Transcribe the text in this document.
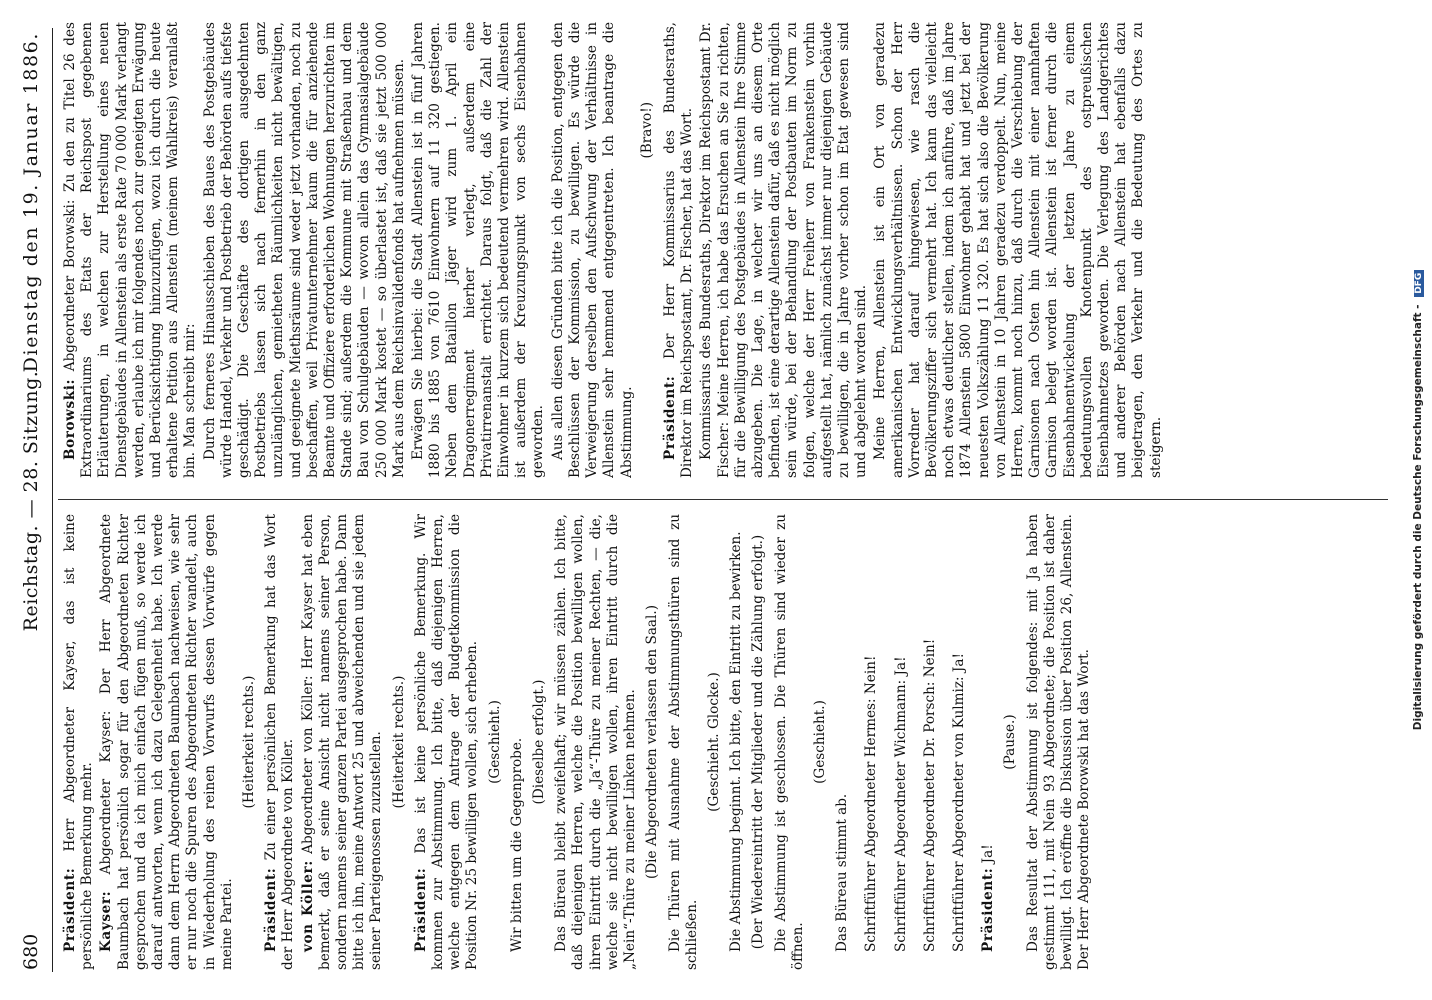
680
Reichstag. — 28. Sitzung.
Dienstag den 19. Januar 1886.

Präsident: Herr Abgeordneter Kayser, das ist keine persönliche Bemerkung mehr. Kayser: Abgeordneter Kayser: Der Herr Abgeordnete Baumbach hat persönlich sogar für den Abgeordneten Richter gesprochen und da ich mich einfach fügen muß, so werde ich darauf antworten, wenn ich dazu Gelegenheit habe. Ich werde dann dem Herrn Abgeordneten Baumbach nachweisen, wie sehr er nur noch die Spuren des Abgeordneten Richter wandelt, auch in Wiederholung des reinen Vorwurfs dessen Vorwürfe gegen meine Partei.

(Heiterkeit rechts.)

Präsident: Zu einer persönlichen Bemerkung hat das Wort der Herr Abgeordnete von Köller. von Köller: Abgeordneter von Köller: Herr Kayser hat eben bemerkt, daß er seine Ansicht nicht namens seiner Person, sondern namens seiner ganzen Partei ausgesprochen habe. Dann bitte ich ihn, meine Antwort 25 und abweichenden und sie jedem seiner Parteigenossen zuzustellen. (Heiterkeit rechts.)

Präsident: Das ist keine persönliche Bemerkung. Wir kommen zur Abstimmung. Ich bitte, daß diejenigen Herren, welche entgegen dem Antrage der Budgetkommission die Position Nr. 25 bewilligen wollen, sich erheben. (Geschieht.) Wir bitten um die Gegenprobe. (Dieselbe erfolgt.) Das Büreau bleibt zweifelhaft; wir müssen zählen. Ich bitte, daß diejenigen Herren, welche die Position bewilligen wollen, ihren Eintritt durch die „Ja“-Thüre zu meiner Rechten, — die, welche sie nicht bewilligen wollen, ihren Eintritt durch die „Nein“-Thüre zu meiner Linken nehmen. (Die Abgeordneten verlassen den Saal.) Die Thüren mit Ausnahme der Abstimmungsthüren sind zu schließen.

(Geschieht. Glocke.) Die Abstimmung beginnt. Ich bitte, den Eintritt zu bewirken. (Der Wiedereintritt der Mitglieder und die Zählung erfolgt.) Die Abstimmung ist geschlossen. Die Thüren sind wieder zu öffnen.

(Geschieht.)

Das Büreau stimmt ab. Schriftführer Abgeordneter Hermes: Nein! Schriftführer Abgeordneter Wichmann: Ja! Schriftführer Abgeordneter Dr. Porsch: Nein! Schriftführer Abgeordneter von Kulmiz: Ja! Präsident: Ja!

(Pause.) Das Resultat der Abstimmung ist folgendes: mit Ja haben gestimmt 111, mit Nein 93 Abgeordnete; die Position ist daher bewilligt. Ich eröffne die Diskussion über Position 26, Allenstein. Der Herr Abgeordnete Borowski hat das Wort.

Borowski: Abgeordneter Borowski: Zu den zu Titel 26 des Extraordinariums des Etats der Reichspost gegebenen Erläuterungen, in welchen zur Herstellung eines neuen Dienstgebäudes in Allenstein als erste Rate 70 000 Mark verlangt werden, erlaube ich mir folgendes noch zur geneigten Erwägung und Berücksichtigung hinzuzufügen, wozu ich durch die heute erhaltene Petition aus Allenstein (meinem Wahlkreis) veranlaßt bin. Man schreibt mir: Durch ferneres Hinausschieben des Baues des Postgebäudes würde Handel, Verkehr und Postbetrieb der Behörden aufs tiefste geschädigt. Die Geschäfte des dortigen ausgedehnten Postbetriebs lassen sich nach fernerhin in den ganz unzulänglichen, gemietheten Räumlichkeiten nicht bewältigen, und geeignete Miethsräume sind weder jetzt vorhanden, noch zu beschaffen, weil Privatunternehmer kaum die für anziehende Beamte und Offiziere erforderlichen Wohnungen herzurichten im Stande sind; außerdem die Kommune mit Straßenbau und dem Bau von Schulgebäuden — wovon allein das Gymnasialgebäude 250 000 Mark kostet — so überlastet ist, daß sie jetzt 500 000 Mark aus dem Reichsinvalidenfonds hat aufnehmen müssen. Erwägen Sie hierbei: die Stadt Allenstein ist in fünf Jahren 1880 bis 1885 von 7610 Einwohnern auf 11 320 gestiegen. Neben dem Bataillon Jäger wird zum 1. April ein Dragonerregiment hierher verlegt, außerdem eine Privatirrenanstalt errichtet. Daraus folgt, daß die Zahl der Einwohner in kurzem sich bedeutend vermehren wird. Allenstein ist außerdem der Kreuzungspunkt von sechs Eisenbahnen geworden. Aus allen diesen Gründen bitte ich die Position, entgegen den Beschlüssen der Kommission, zu bewilligen. Es würde die Verweigerung derselben den Aufschwung der Verhältnisse in Allenstein sehr hemmend entgegentreten. Ich beantrage die Abstimmung.

(Bravo!)

Präsident: Der Herr Kommissarius des Bundesraths, Direktor im Reichspostamt, Dr. Fischer, hat das Wort. Kommissarius des Bundesraths, Direktor im Reichspostamt Dr. Fischer: Meine Herren, ich habe das Ersuchen an Sie zu richten, für die Bewilligung des Postgebäudes in Allenstein Ihre Stimme abzugeben. Die Lage, in welcher wir uns an diesem Orte befinden, ist eine derartige Allenstein dafür, daß es nicht möglich sein würde, bei der Behandlung der Postbauten im Norm zu folgen, welche der Herr Freiherr von Frankenstein vorhin aufgestellt hat, nämlich zunächst immer nur diejenigen Gebäude zu bewilligen, die in Jahre vorher schon im Etat gewesen sind und abgelehnt worden sind. Meine Herren, Allenstein ist ein Ort von geradezu amerikanischen Entwicklungsverhältnissen. Schon der Herr Vorredner hat darauf hingewiesen, wie rasch die Bevölkerungsziffer sich vermehrt hat. Ich kann das vielleicht noch etwas deutlicher stellen, indem ich anführe, daß im Jahre 1874 Allenstein 5800 Einwohner gehabt hat und jetzt bei der neuesten Volkszählung 11 320. Es hat sich also die Bevölkerung von Allenstein in 10 Jahren geradezu verdoppelt. Nun, meine Herren, kommt noch hinzu, daß durch die Verschiebung der Garnisonen nach Osten hin Allenstein mit einer namhaften Garnison belegt worden ist. Allenstein ist ferner durch die Eisenbahnentwickelung der letzten Jahre zu einem bedeutungsvollen Knotenpunkt des ostpreußischen Eisenbahnnetzes geworden. Die Verlegung des Landgerichtes und anderer Behörden nach Allenstein hat ebenfalls dazu beigetragen, den Verkehr und die Bedeutung des Ortes zu steigern.	Digitalisierung gefördert durch die Deutsche Forschungsgemeinschaft - DFG
